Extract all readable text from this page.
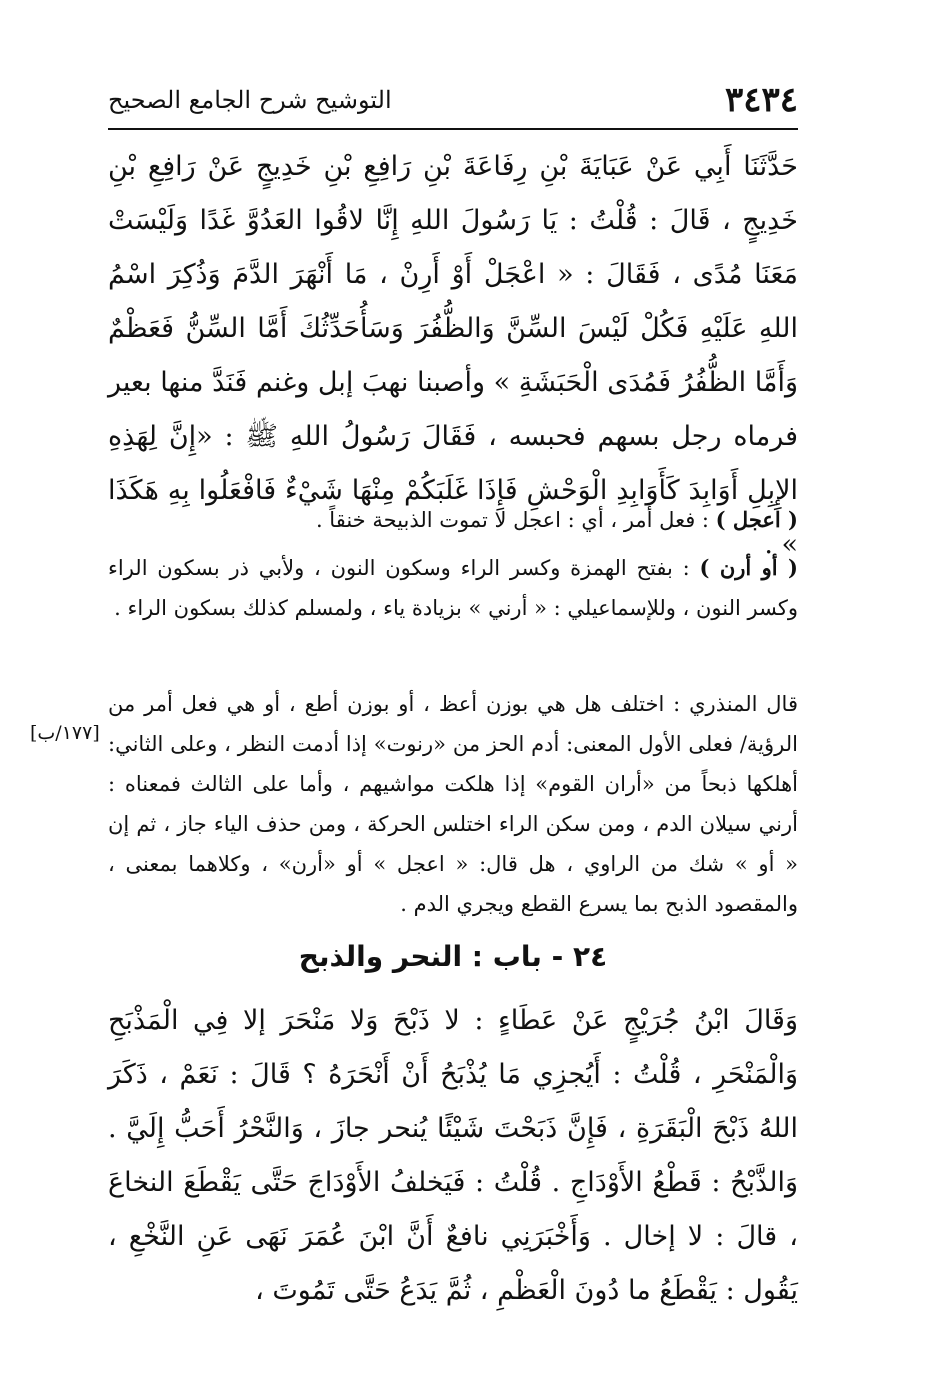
٣٤٣٤
التوشيح شرح الجامع الصحيح

حَدَّثَنَا أَبِي عَنْ عَبَايَةَ بْنِ رِفَاعَةَ بْنِ رَافِعِ بْنِ خَدِيجٍ عَنْ رَافِعِ بْنِ خَدِيجٍ ، قَالَ : قُلْتُ : يَا رَسُولَ اللهِ إِنَّا لاقُوا العَدُوَّ غَدًا وَلَيْسَتْ مَعَنَا مُدًى ، فَقَالَ : « اعْجَلْ أَوْ أَرِنْ ، مَا أَنْهَرَ الدَّمَ وَذُكِرَ اسْمُ اللهِ عَلَيْهِ فَكُلْ لَيْسَ السِّنَّ وَالظُّفُرَ وَسَأُحَدِّثُكَ أَمَّا السِّنُّ فَعَظْمٌ وَأَمَّا الظُّفُرُ فَمُدَى الْحَبَشَةِ » وأصبنا نهبَ إبل وغنم فَنَدَّ منها بعير فرماه رجل بسهم فحبسه ، فَقَالَ رَسُولُ اللهِ ﷺ : «إِنَّ لِهَذِهِ الإِبِلِ أَوَابِدَ كَأَوَابِدِ الْوَحْشِ فَإِذَا غَلَبَكُمْ مِنْهَا شَيْءٌ فَافْعَلُوا بِهِ هَكَذَا » .

( اعجل ) : فعل أمر ، أي : اعجل لا تموت الذبيحة خنقاً .

( أو أرن ) : بفتح الهمزة وكسر الراء وسكون النون ، ولأبي ذر بسكون الراء وكسر النون ، وللإسماعيلي : « أرني » بزيادة ياء ، ولمسلم كذلك بسكون الراء .

قال المنذري : اختلف هل هي بوزن أعظ ، أو بوزن أطع ، أو هي فعل أمر من الرؤية/ فعلى الأول المعنى: أدم الحز من «رنوت» إذا أدمت النظر ، وعلى الثاني: أهلكها ذبحاً من «أران القوم» إذا هلكت مواشيهم ، وأما على الثالث فمعناه : أرني سيلان الدم ، ومن سكن الراء اختلس الحركة ، ومن حذف الياء جاز ، ثم إن « أو » شك من الراوي ، هل قال: « اعجل » أو «أرن» ، وكلاهما بمعنى ، والمقصود الذبح بما يسرع القطع ويجري الدم .

[١٧٧/ب]
٢٤ - باب : النحر والذبح

وَقَالَ ابْنُ جُرَيْجٍ عَنْ عَطَاءٍ : لا ذَبْحَ وَلا مَنْحَرَ إلا فِي الْمَذْبَحِ وَالْمَنْحَرِ ، قُلْتُ : أَيُجزِي مَا يُذْبَحُ أَنْ أَنْحَرَهُ ؟ قَالَ : نَعَمْ ، ذَكَرَ اللهُ ذَبْحَ الْبَقَرَةِ ، فَإِنَّ ذَبَحْتَ شَيْئًا يُنحر جازَ ، وَالنَّحْرُ أَحَبُّ إِلَيَّ . وَالذَّبْحُ : قَطْعُ الأَوْدَاجِ . قُلْتُ : فَيَخلفُ الأَوْدَاجَ حَتَّى يَقْطَعَ النخاعَ ، قالَ : لا إخال . وَأَخْبَرَنِي نافعٌ أَنَّ ابْنَ عُمَرَ نَهَى عَنِ النَّخْعِ ، يَقُول : يَقْطَعُ ما دُونَ الْعَظْمِ ، ثُمَّ يَدَعُ حَتَّى تَمُوتَ ،
